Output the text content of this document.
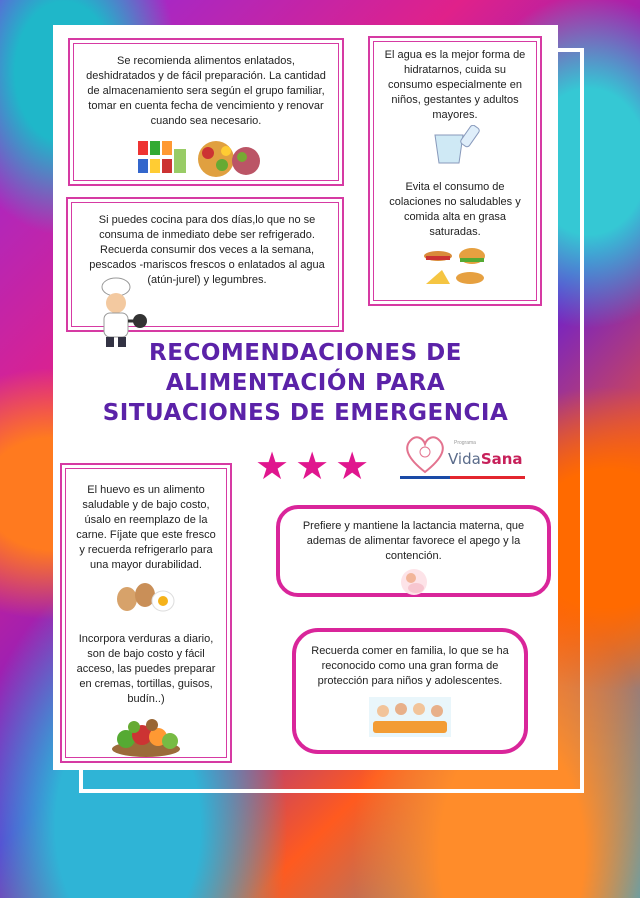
Se recomienda alimentos enlatados, deshidratados y de fácil preparación. La cantidad de almacenamiento sera según el grupo familiar, tomar en cuenta fecha de vencimiento y renovar cuando sea necesario.
Si puedes cocina para dos días,lo que no se consuma de inmediato debe ser refrigerado. Recuerda consumir dos veces a la semana, pescados -mariscos frescos o enlatados al agua (atún-jurel) y legumbres.
El agua es la mejor forma de hidratarnos, cuida su consumo especialmente en niños, gestantes y adultos mayores.
Evita el consumo de colaciones no saludables y comida alta en grasa saturadas.
RECOMENDACIONES DE
ALIMENTACIÓN PARA
SITUACIONES DE EMERGENCIA
★★★
Programa
VidaSana
El huevo es un alimento saludable y de bajo costo, úsalo en reemplazo de la carne. Fíjate que este fresco y recuerda refrigerarlo para una mayor durabilidad.
Incorpora verduras a diario, son de bajo costo y fácil acceso, las puedes preparar en cremas, tortillas, guisos, budín..)
Prefiere y mantiene la lactancia materna, que ademas de alimentar favorece el apego y la contención.
Recuerda comer en familia, lo que se ha reconocido como una gran forma de protección para niños y adolescentes.
